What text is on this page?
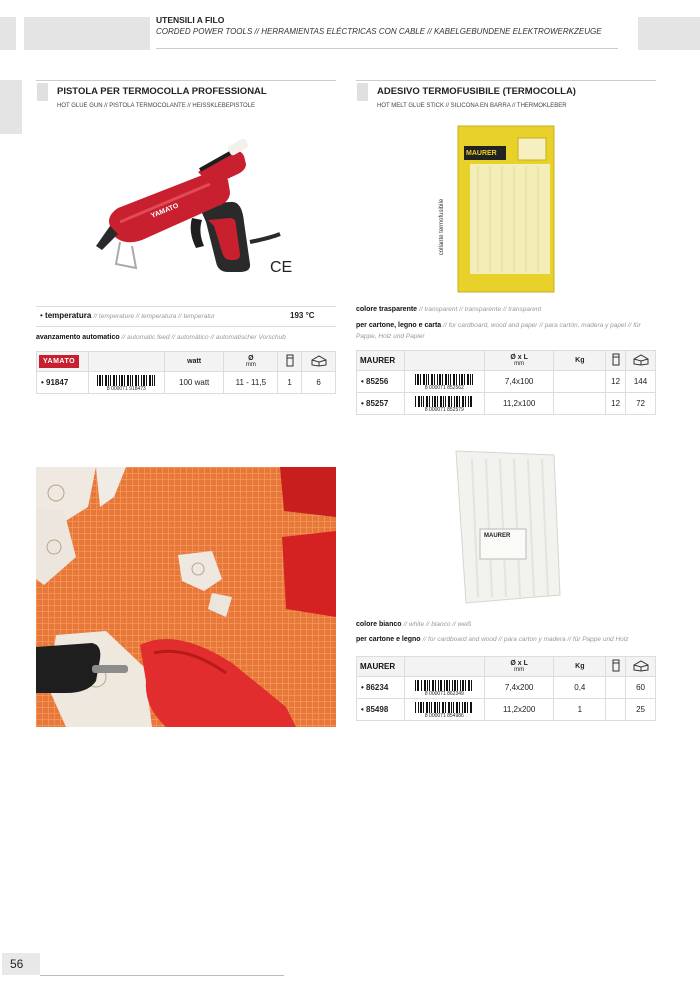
UTENSILI A FILO
CORDED POWER TOOLS // HERRAMIENTAS ELÉCTRICAS CON CABLE // KABELGEBUNDENE ELEKTROWERKZEUGE
PISTOLA PER TERMOCOLLA PROFESSIONAL
HOT GLUE GUN // PISTOLA TERMOCOLANTE // HEISSKLEBEPISTOLE
ADESIVO TERMOFUSIBILE (TERMOCOLLA)
HOT MELT GLUE STICK // SILICONA EN BARRA // THERMOKLEBER
YAMATO
CE
MAURER
collante termofusibile
• temperatura // temperature // temperatura // temperatur	193 °C
avanzamento automatico // automatic feed // automático // automatischer Vorschub
YAMATO		watt	Ø
mm

• 91847	8 000071 918473	100 watt	11 - 11,5	1	6
colore trasparente // transparent // transparente // transparent
per cartone, legno e carta // for cardboard, wood and paper // para cartón, madera y papel // für Pappe, Holz und Papier
MAURER		Ø x L
mm	Kg		
• 85256	8 000071 852562	7,4x100		12	144
• 85257	8 000071 852579	11,2x100		12	72
MAURER
colore bianco // white // blanco // weiß
per cartone e legno // for cardboard and wood // para carton y madera // für Pappe und Holz
MAURER		Ø x L
mm	Kg		
• 86234	8 000071 862349	7,4x200	0,4		60
• 85498	8 000071 854986	11,2x200	1		25
56
